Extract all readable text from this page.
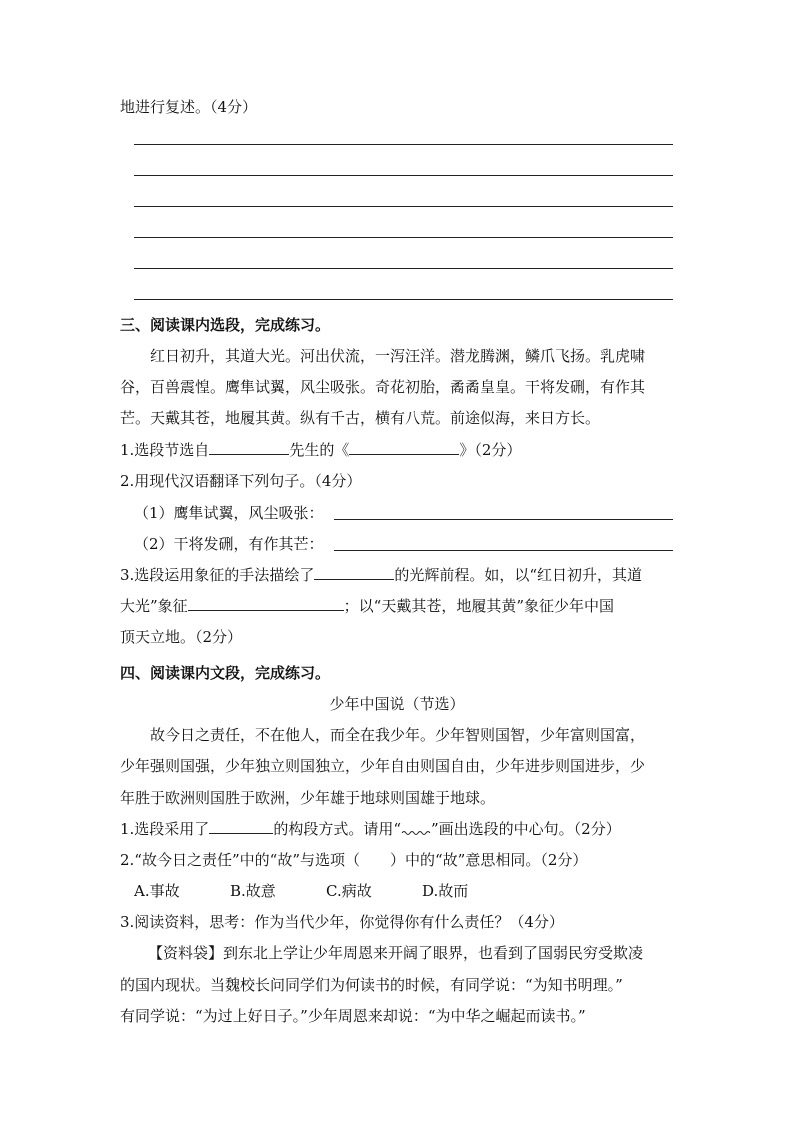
地进行复述。（4分）
三、阅读课内选段，完成练习。
红日初升，其道大光。河出伏流，一泻汪洋。潜龙腾渊，鳞爪飞扬。乳虎啸
谷，百兽震惶。鹰隼试翼，风尘吸张。奇花初胎，矞矞皇皇。干将发硎，有作其
芒。天戴其苍，地履其黄。纵有千古，横有八荒。前途似海，来日方长。
1.选段节选自	先生的《	》（2分）
2.用现代汉语翻译下列句子。（4分）
（1）鹰隼试翼，风尘吸张：
（2）干将发硎，有作其芒：
3.选段运用象征的手法描绘了	的光辉前程。如，以“红日初升，其道
大光”象征	；以“天戴其苍，地履其黄”象征少年中国
顶天立地。（2分）
四、阅读课内文段，完成练习。
少年中国说（节选）
故今日之责任，不在他人，而全在我少年。少年智则国智，少年富则国富，
少年强则国强，少年独立则国独立，少年自由则国自由，少年进步则国进步，少
年胜于欧洲则国胜于欧洲，少年雄于地球则国雄于地球。
1.选段采用了	的构段方式。请用“ ”画出选段的中心句。（2分）
2.“故今日之责任”中的“故”与选项（　　）中的“故”意思相同。（2分）
A.事故	B.故意	C.病故	D.故而
3.阅读资料，思考：作为当代少年，你觉得你有什么责任？（4分）
【资料袋】到东北上学让少年周恩来开阔了眼界，也看到了国弱民穷受欺凌
的国内现状。当魏校长问同学们为何读书的时候，有同学说：“为知书明理。”
有同学说：“为过上好日子。”少年周恩来却说：“为中华之崛起而读书。”
